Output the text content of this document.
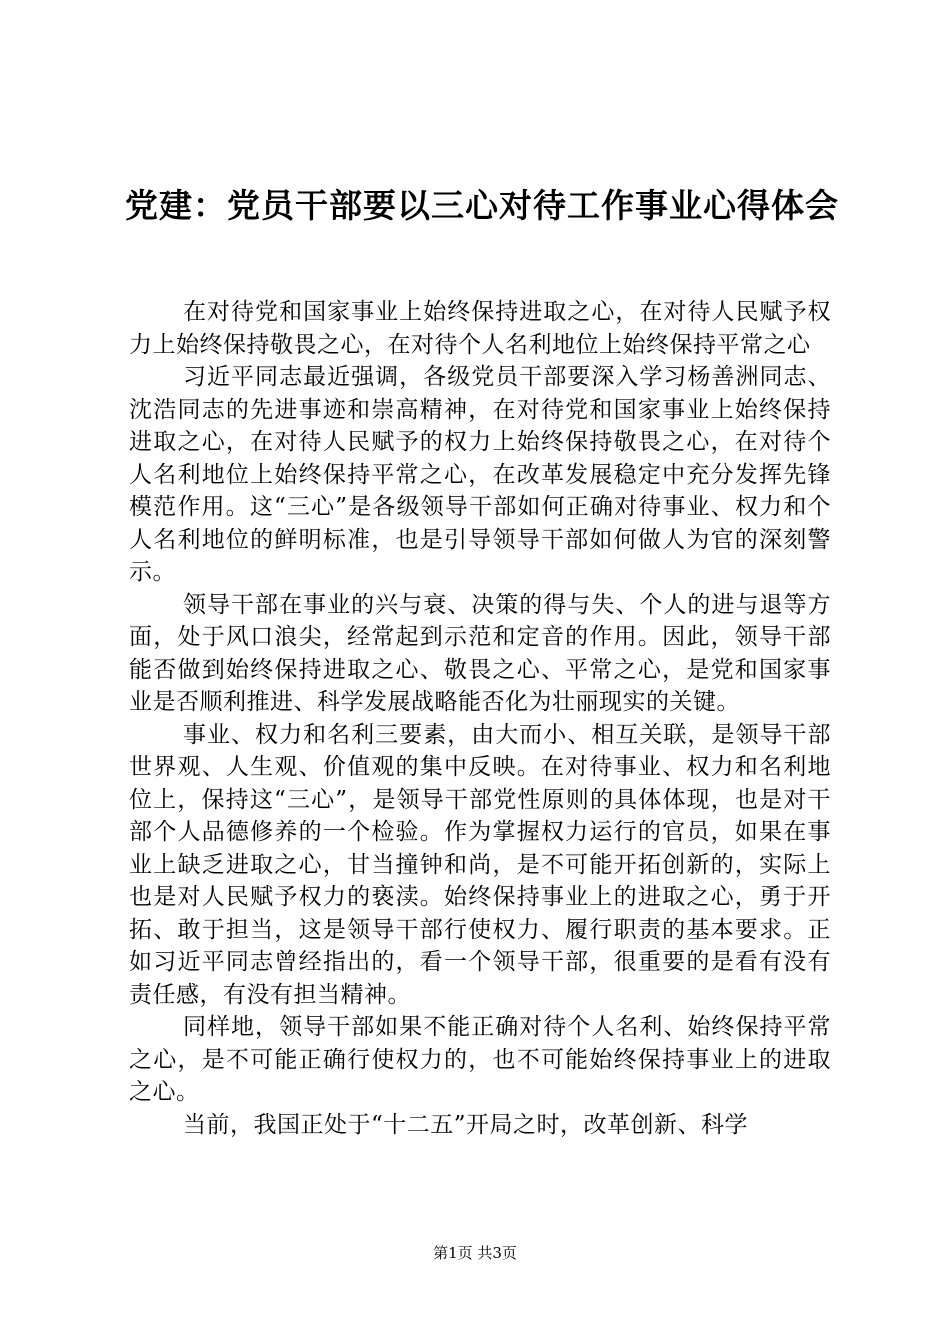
党建：党员干部要以三心对待工作事业心得体会

在对待党和国家事业上始终保持进取之心，在对待人民赋予权力上始终保持敬畏之心，在对待个人名利地位上始终保持平常之心

习近平同志最近强调，各级党员干部要深入学习杨善洲同志、沈浩同志的先进事迹和崇高精神，在对待党和国家事业上始终保持进取之心，在对待人民赋予的权力上始终保持敬畏之心，在对待个人名利地位上始终保持平常之心，在改革发展稳定中充分发挥先锋模范作用。这“三心”是各级领导干部如何正确对待事业、权力和个人名利地位的鲜明标准，也是引导领导干部如何做人为官的深刻警示。

领导干部在事业的兴与衰、决策的得与失、个人的进与退等方面，处于风口浪尖，经常起到示范和定音的作用。因此，领导干部能否做到始终保持进取之心、敬畏之心、平常之心，是党和国家事业是否顺利推进、科学发展战略能否化为壮丽现实的关键。

事业、权力和名利三要素，由大而小、相互关联，是领导干部世界观、人生观、价值观的集中反映。在对待事业、权力和名利地位上，保持这“三心”，是领导干部党性原则的具体体现，也是对干部个人品德修养的一个检验。作为掌握权力运行的官员，如果在事业上缺乏进取之心，甘当撞钟和尚，是不可能开拓创新的，实际上也是对人民赋予权力的亵渎。始终保持事业上的进取之心，勇于开拓、敢于担当，这是领导干部行使权力、履行职责的基本要求。正如习近平同志曾经指出的，看一个领导干部，很重要的是看有没有责任感，有没有担当精神。

同样地，领导干部如果不能正确对待个人名利、始终保持平常之心，是不可能正确行使权力的，也不可能始终保持事业上的进取之心。

当前，我国正处于“十二五”开局之时，改革创新、科学

第1页 共3页
